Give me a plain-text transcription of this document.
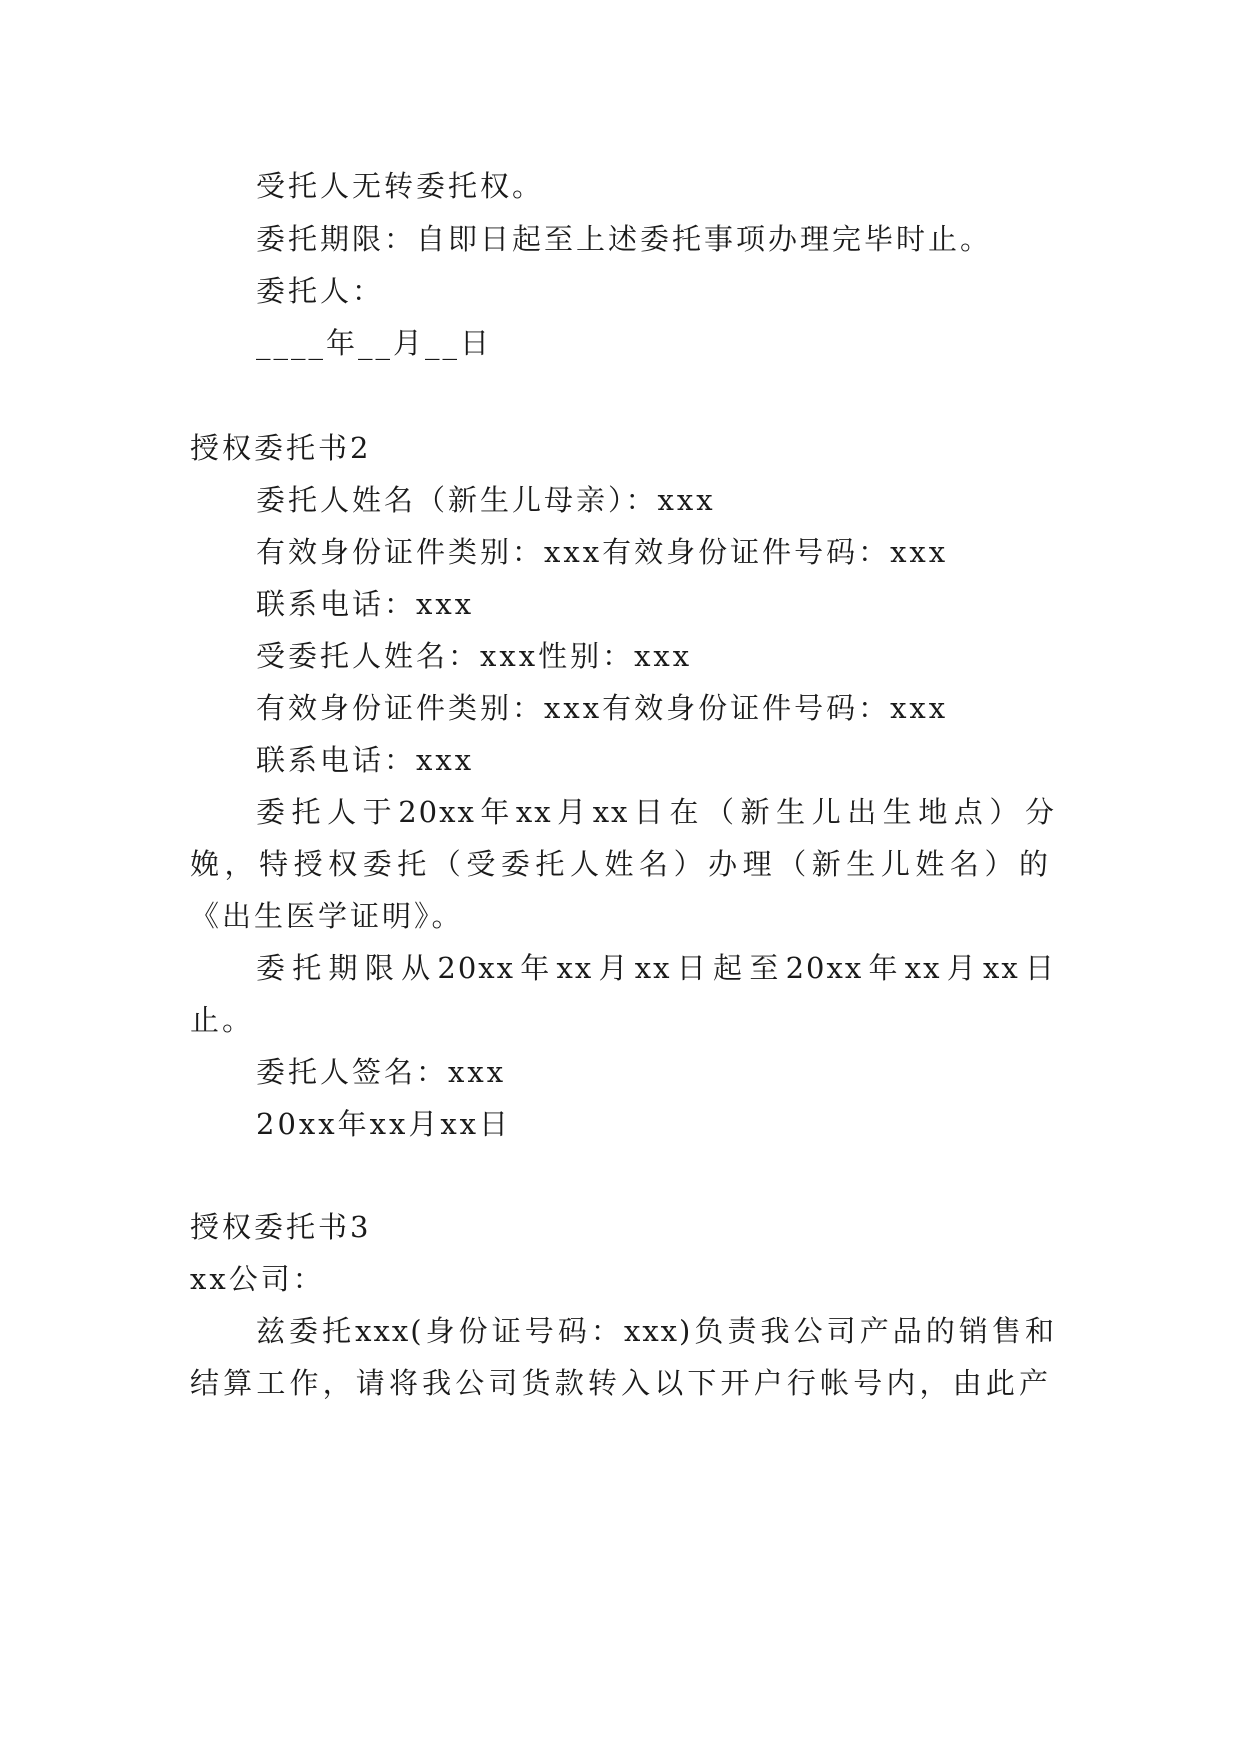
受托人无转委托权。
委托期限：自即日起至上述委托事项办理完毕时止。
委托人：
____年__月__日
授权委托书2
委托人姓名（新生儿母亲）：xxx
有效身份证件类别：xxx有效身份证件号码：xxx
联系电话：xxx
受委托人姓名：xxx性别：xxx
有效身份证件类别：xxx有效身份证件号码：xxx
联系电话：xxx
委托人于20xx年xx月xx日在（新生儿出生地点）分
娩，特授权委托（受委托人姓名）办理（新生儿姓名）的
《出生医学证明》。
委托期限从20xx年xx月xx日起至20xx年xx月xx日
止。
委托人签名：xxx
20xx年xx月xx日
授权委托书3
xx公司：
兹委托xxx(身份证号码：xxx)负责我公司产品的销售和
结算工作，请将我公司货款转入以下开户行帐号内，由此产
